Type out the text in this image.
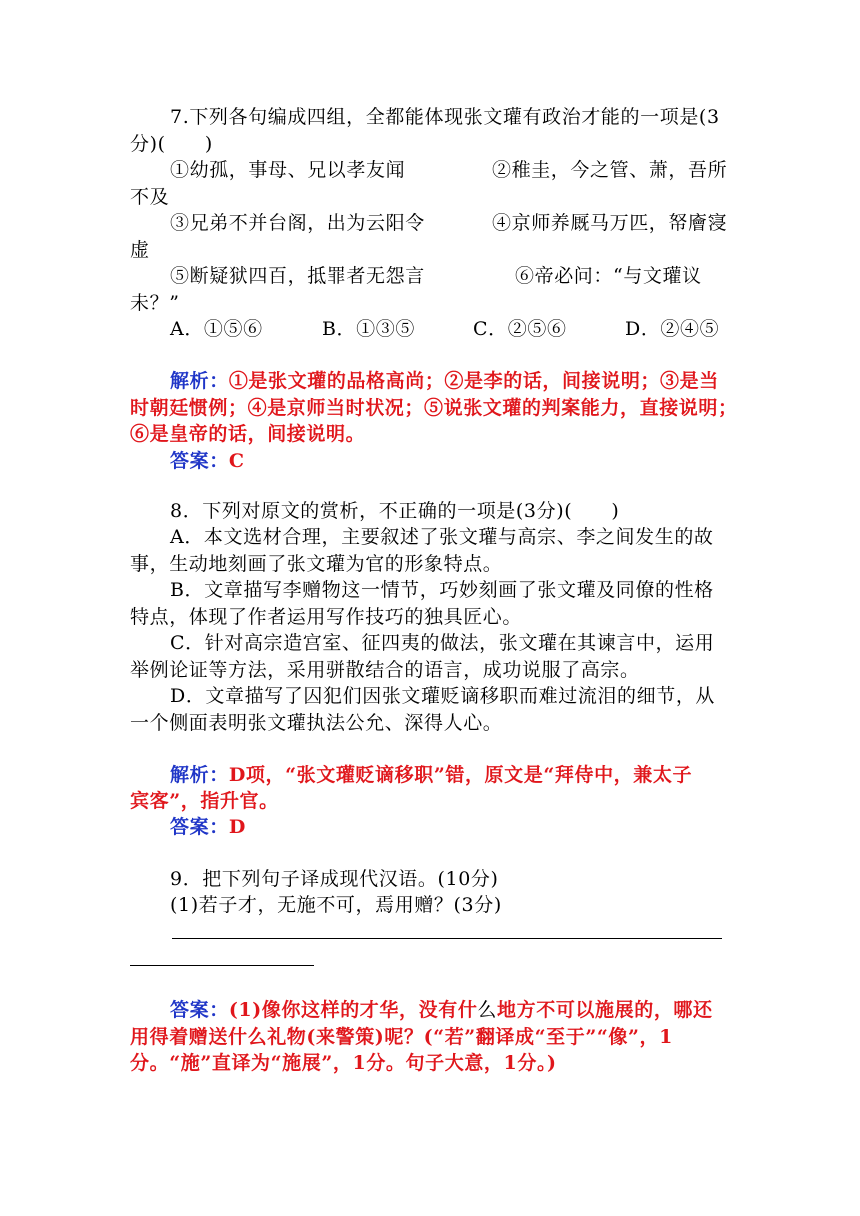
7.下列各句编成四组，全都能体现张文瓘有政治才能的一项是(3
分)(　　)
①幼孤，事母、兄以孝友闻	②稚圭，今之管、萧，吾所
不及
③兄弟不并台阁，出为云阳令	④京师养厩马万匹，帑廥寖
虚
⑤断疑狱四百，抵罪者无怨言	⑥帝必问：“与文瓘议
未？”
A．①⑤⑥	B．①③⑤	C．②⑤⑥	D．②④⑤
解析：①是张文瓘的品格高尚；②是李的话，间接说明；③是当
时朝廷惯例；④是京师当时状况；⑤说张文瓘的判案能力，直接说明；
⑥是皇帝的话，间接说明。
答案：C
8．下列对原文的赏析，不正确的一项是(3分)(　　)
A．本文选材合理，主要叙述了张文瓘与高宗、李之间发生的故
事，生动地刻画了张文瓘为官的形象特点。
B．文章描写李赠物这一情节，巧妙刻画了张文瓘及同僚的性格
特点，体现了作者运用写作技巧的独具匠心。
C．针对高宗造宫室、征四夷的做法，张文瓘在其谏言中，运用
举例论证等方法，采用骈散结合的语言，成功说服了高宗。
D．文章描写了囚犯们因张文瓘贬谪移职而难过流泪的细节，从
一个侧面表明张文瓘执法公允、深得人心。
解析：D项，“张文瓘贬谪移职”错，原文是“拜侍中，兼太子
宾客”，指升官。
答案：D
9．把下列句子译成现代汉语。(10分)
(1)若子才，无施不可，焉用赠？(3分)
答案：(1)像你这样的才华，没有什么地方不可以施展的，哪还
用得着赠送什么礼物(来警策)呢？(“若”翻译成“至于”“像”，1
分。“施”直译为“施展”，1分。句子大意，1分。)
